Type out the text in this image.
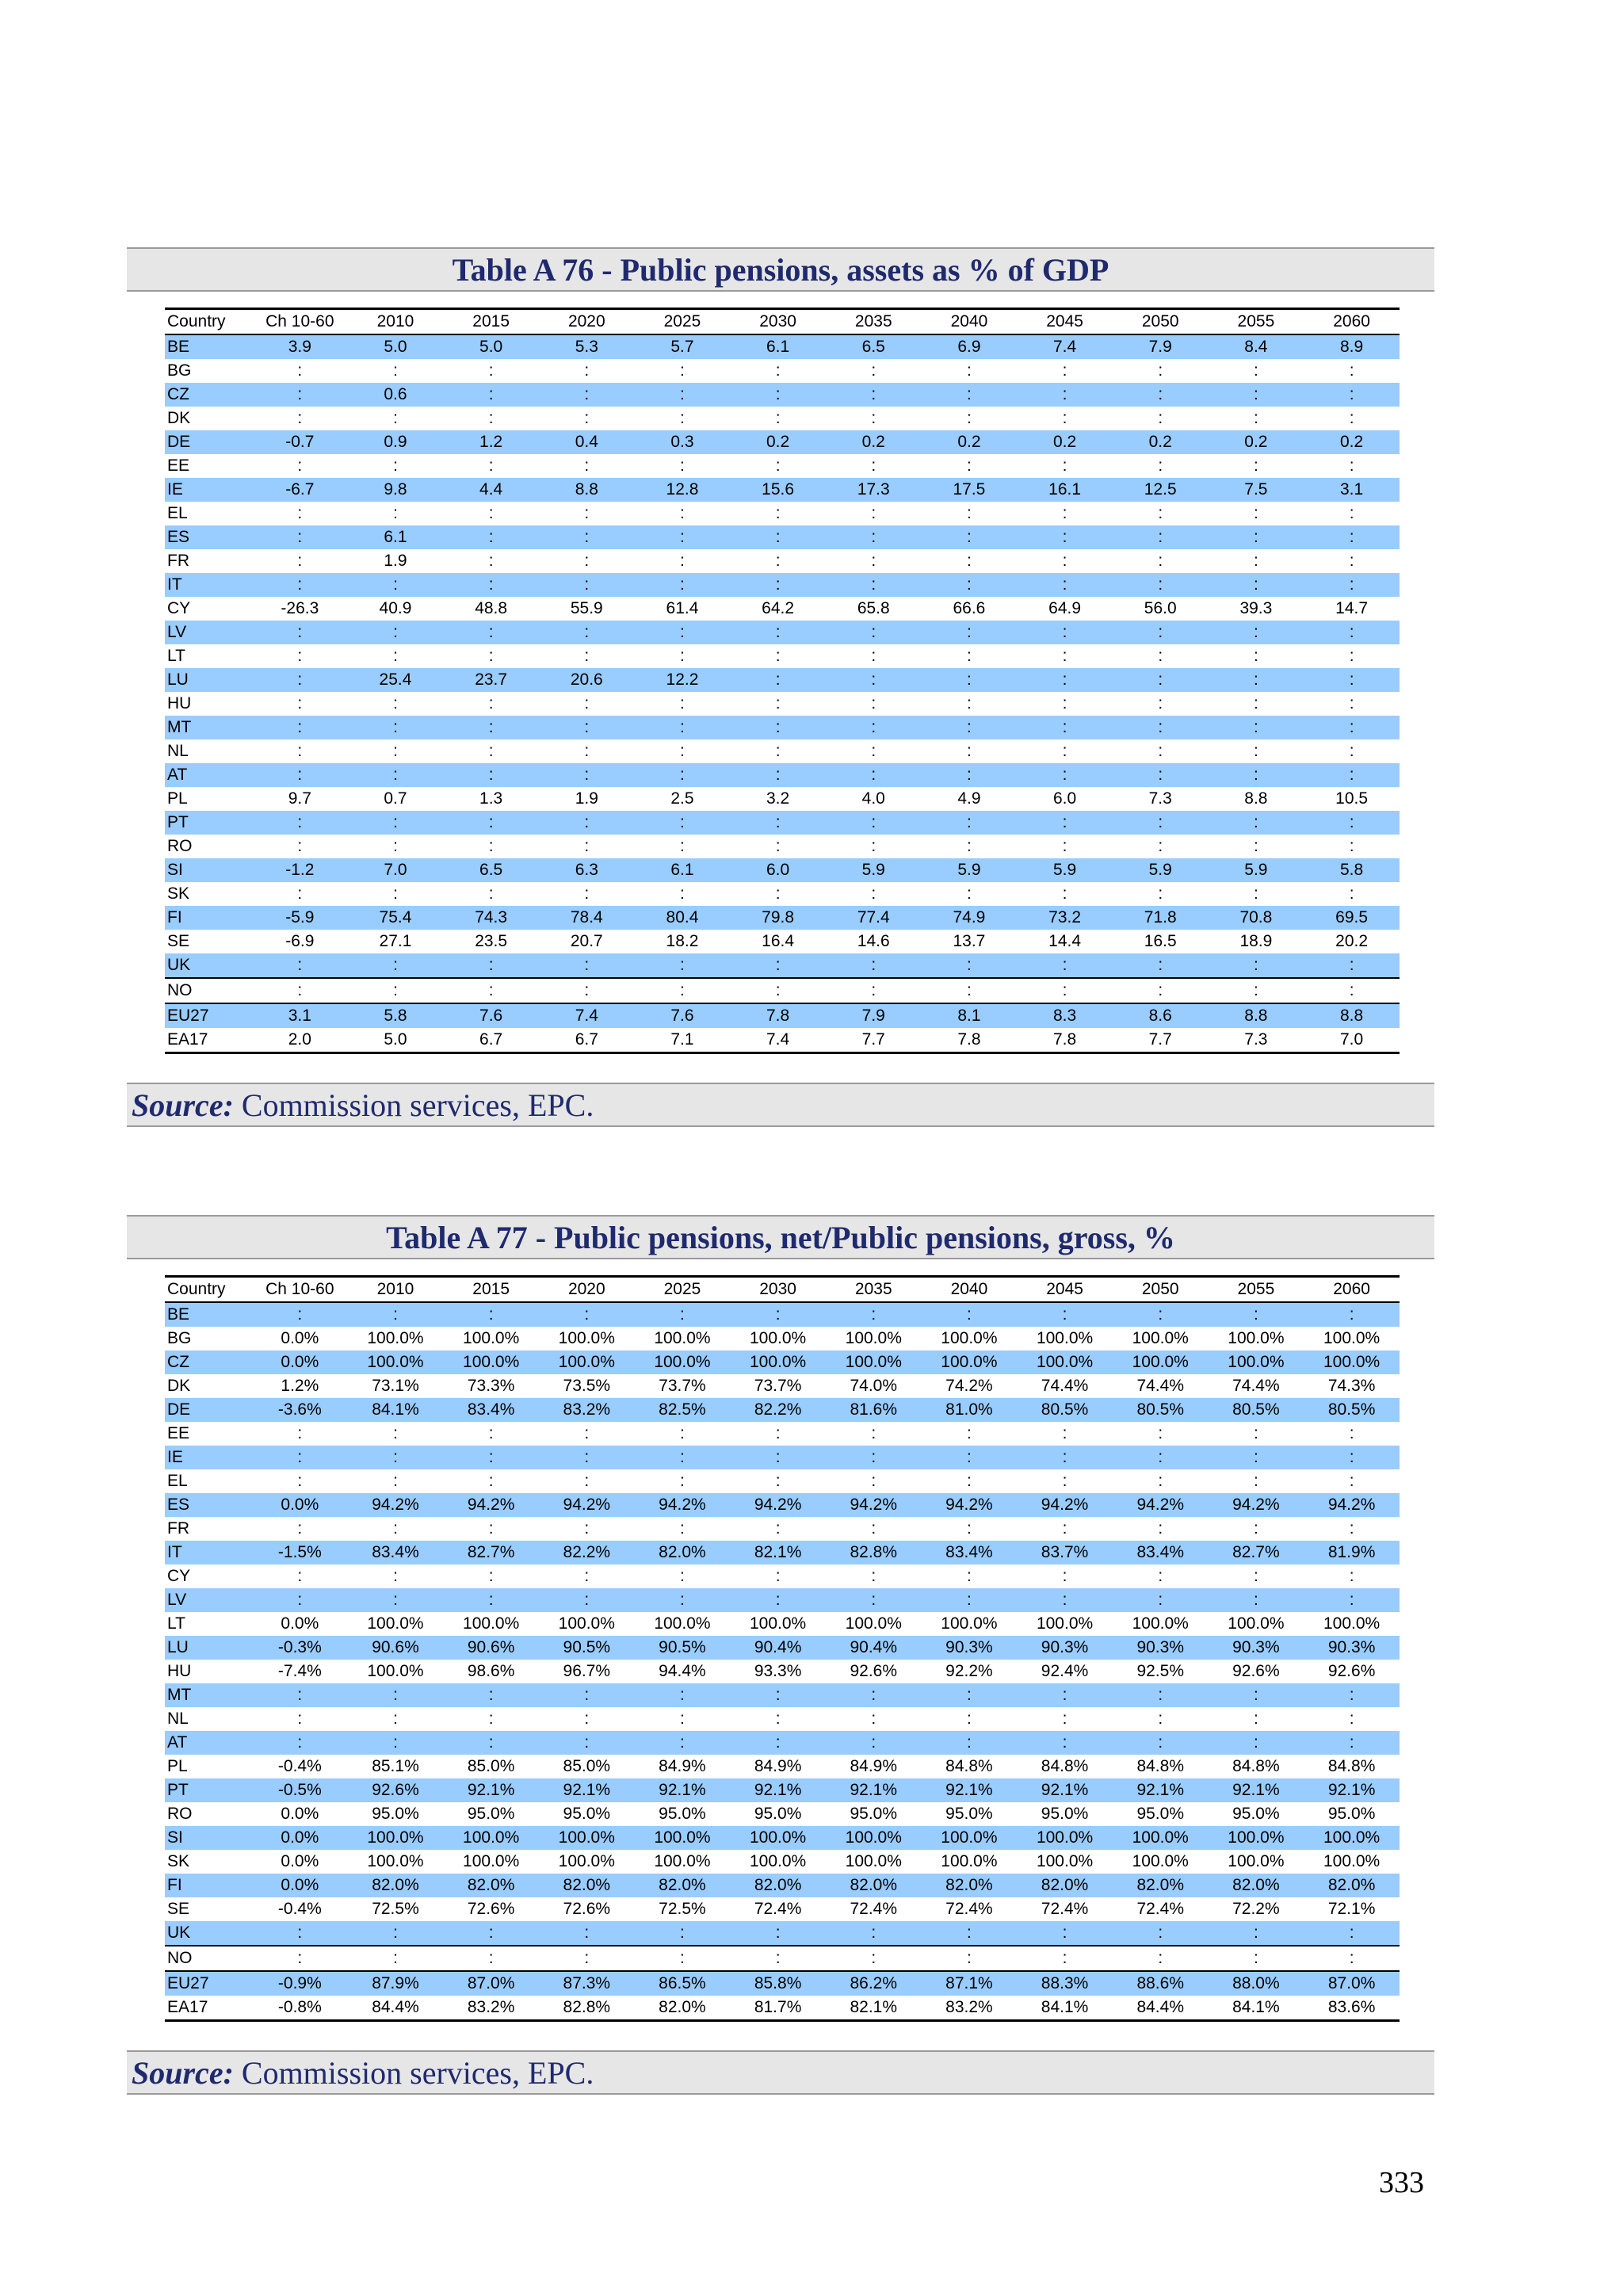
Table A 76 - Public pensions, assets as % of GDP
Country	Ch 10-60	2010	2015	2020	2025	2030	2035	2040	2045	2050	2055	2060
BE	3.9	5.0	5.0	5.3	5.7	6.1	6.5	6.9	7.4	7.9	8.4	8.9
BG	:	:	:	:	:	:	:	:	:	:	:	:
CZ	:	0.6	:	:	:	:	:	:	:	:	:	:
DK	:	:	:	:	:	:	:	:	:	:	:	:
DE	-0.7	0.9	1.2	0.4	0.3	0.2	0.2	0.2	0.2	0.2	0.2	0.2
EE	:	:	:	:	:	:	:	:	:	:	:	:
IE	-6.7	9.8	4.4	8.8	12.8	15.6	17.3	17.5	16.1	12.5	7.5	3.1
EL	:	:	:	:	:	:	:	:	:	:	:	:
ES	:	6.1	:	:	:	:	:	:	:	:	:	:
FR	:	1.9	:	:	:	:	:	:	:	:	:	:
IT	:	:	:	:	:	:	:	:	:	:	:	:
CY	-26.3	40.9	48.8	55.9	61.4	64.2	65.8	66.6	64.9	56.0	39.3	14.7
LV	:	:	:	:	:	:	:	:	:	:	:	:
LT	:	:	:	:	:	:	:	:	:	:	:	:
LU	:	25.4	23.7	20.6	12.2	:	:	:	:	:	:	:
HU	:	:	:	:	:	:	:	:	:	:	:	:
MT	:	:	:	:	:	:	:	:	:	:	:	:
NL	:	:	:	:	:	:	:	:	:	:	:	:
AT	:	:	:	:	:	:	:	:	:	:	:	:
PL	9.7	0.7	1.3	1.9	2.5	3.2	4.0	4.9	6.0	7.3	8.8	10.5
PT	:	:	:	:	:	:	:	:	:	:	:	:
RO	:	:	:	:	:	:	:	:	:	:	:	:
SI	-1.2	7.0	6.5	6.3	6.1	6.0	5.9	5.9	5.9	5.9	5.9	5.8
SK	:	:	:	:	:	:	:	:	:	:	:	:
FI	-5.9	75.4	74.3	78.4	80.4	79.8	77.4	74.9	73.2	71.8	70.8	69.5
SE	-6.9	27.1	23.5	20.7	18.2	16.4	14.6	13.7	14.4	16.5	18.9	20.2
UK	:	:	:	:	:	:	:	:	:	:	:	:
NO	:	:	:	:	:	:	:	:	:	:	:	:
EU27	3.1	5.8	7.6	7.4	7.6	7.8	7.9	8.1	8.3	8.6	8.8	8.8
EA17	2.0	5.0	6.7	6.7	7.1	7.4	7.7	7.8	7.8	7.7	7.3	7.0
Source: Commission services, EPC.
Table A 77 - Public pensions, net/Public pensions, gross, %
Country	Ch 10-60	2010	2015	2020	2025	2030	2035	2040	2045	2050	2055	2060
BE	:	:	:	:	:	:	:	:	:	:	:	:
BG	0.0%	100.0%	100.0%	100.0%	100.0%	100.0%	100.0%	100.0%	100.0%	100.0%	100.0%	100.0%
CZ	0.0%	100.0%	100.0%	100.0%	100.0%	100.0%	100.0%	100.0%	100.0%	100.0%	100.0%	100.0%
DK	1.2%	73.1%	73.3%	73.5%	73.7%	73.7%	74.0%	74.2%	74.4%	74.4%	74.4%	74.3%
DE	-3.6%	84.1%	83.4%	83.2%	82.5%	82.2%	81.6%	81.0%	80.5%	80.5%	80.5%	80.5%
EE	:	:	:	:	:	:	:	:	:	:	:	:
IE	:	:	:	:	:	:	:	:	:	:	:	:
EL	:	:	:	:	:	:	:	:	:	:	:	:
ES	0.0%	94.2%	94.2%	94.2%	94.2%	94.2%	94.2%	94.2%	94.2%	94.2%	94.2%	94.2%
FR	:	:	:	:	:	:	:	:	:	:	:	:
IT	-1.5%	83.4%	82.7%	82.2%	82.0%	82.1%	82.8%	83.4%	83.7%	83.4%	82.7%	81.9%
CY	:	:	:	:	:	:	:	:	:	:	:	:
LV	:	:	:	:	:	:	:	:	:	:	:	:
LT	0.0%	100.0%	100.0%	100.0%	100.0%	100.0%	100.0%	100.0%	100.0%	100.0%	100.0%	100.0%
LU	-0.3%	90.6%	90.6%	90.5%	90.5%	90.4%	90.4%	90.3%	90.3%	90.3%	90.3%	90.3%
HU	-7.4%	100.0%	98.6%	96.7%	94.4%	93.3%	92.6%	92.2%	92.4%	92.5%	92.6%	92.6%
MT	:	:	:	:	:	:	:	:	:	:	:	:
NL	:	:	:	:	:	:	:	:	:	:	:	:
AT	:	:	:	:	:	:	:	:	:	:	:	:
PL	-0.4%	85.1%	85.0%	85.0%	84.9%	84.9%	84.9%	84.8%	84.8%	84.8%	84.8%	84.8%
PT	-0.5%	92.6%	92.1%	92.1%	92.1%	92.1%	92.1%	92.1%	92.1%	92.1%	92.1%	92.1%
RO	0.0%	95.0%	95.0%	95.0%	95.0%	95.0%	95.0%	95.0%	95.0%	95.0%	95.0%	95.0%
SI	0.0%	100.0%	100.0%	100.0%	100.0%	100.0%	100.0%	100.0%	100.0%	100.0%	100.0%	100.0%
SK	0.0%	100.0%	100.0%	100.0%	100.0%	100.0%	100.0%	100.0%	100.0%	100.0%	100.0%	100.0%
FI	0.0%	82.0%	82.0%	82.0%	82.0%	82.0%	82.0%	82.0%	82.0%	82.0%	82.0%	82.0%
SE	-0.4%	72.5%	72.6%	72.6%	72.5%	72.4%	72.4%	72.4%	72.4%	72.4%	72.2%	72.1%
UK	:	:	:	:	:	:	:	:	:	:	:	:
NO	:	:	:	:	:	:	:	:	:	:	:	:
EU27	-0.9%	87.9%	87.0%	87.3%	86.5%	85.8%	86.2%	87.1%	88.3%	88.6%	88.0%	87.0%
EA17	-0.8%	84.4%	83.2%	82.8%	82.0%	81.7%	82.1%	83.2%	84.1%	84.4%	84.1%	83.6%
Source: Commission services, EPC.
333
